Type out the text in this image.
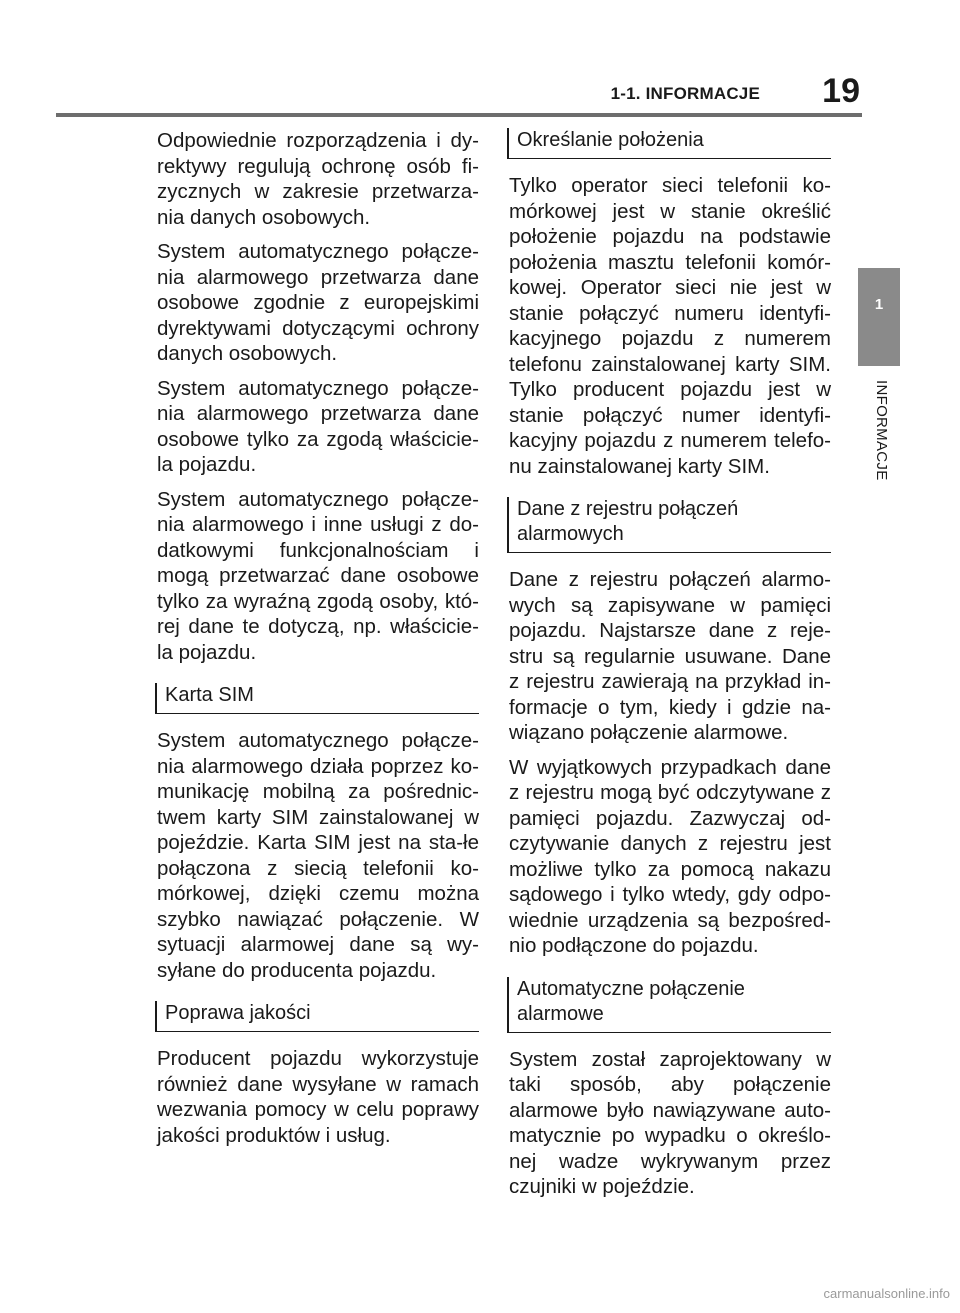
1-1. INFORMACJE	19
1
INFORMACJE

Odpowiednie rozporządzenia i dy-rektywy regulują ochronę osób fi-zycznych w zakresie przetwarza-nia danych osobowych.

System automatycznego połącze-nia alarmowego przetwarza dane osobowe zgodnie z europejskimi dyrektywami dotyczącymi ochrony danych osobowych.

System automatycznego połącze-nia alarmowego przetwarza dane osobowe tylko za zgodą właścicie-la pojazdu.

System automatycznego połącze-nia alarmowego i inne usługi z do-datkowymi funkcjonalnościam i mogą przetwarzać dane osobowe tylko za wyraźną zgodą osoby, któ-rej dane te dotyczą, np. właścicie-la pojazdu.

Karta SIM

System automatycznego połącze-nia alarmowego działa poprzez ko-munikację mobilną za pośrednic-twem karty SIM zainstalowanej w pojeździe. Karta SIM jest na sta-łe połączona z siecią telefonii ko-mórkowej, dzięki czemu można szybko nawiązać połączenie. W sytuacji alarmowej dane są wy-syłane do producenta pojazdu.

Poprawa jakości

Producent pojazdu wykorzystuje również dane wysyłane w ramach wezwania pomocy w celu poprawy jakości produktów i usług.

Określanie położenia

Tylko operator sieci telefonii ko-mórkowej jest w stanie określić położenie pojazdu na podstawie położenia masztu telefonii komór-kowej. Operator sieci nie jest w stanie połączyć numeru identyfi-kacyjnego pojazdu z numerem telefonu zainstalowanej karty SIM. Tylko producent pojazdu jest w stanie połączyć numer identyfi-kacyjny pojazdu z numerem telefo-nu zainstalowanej karty SIM.

Dane z rejestru połączeń alarmowych

Dane z rejestru połączeń alarmo-wych są zapisywane w pamięci pojazdu. Najstarsze dane z reje-stru są regularnie usuwane. Dane z rejestru zawierają na przykład in-formacje o tym, kiedy i gdzie na-wiązano połączenie alarmowe.

W wyjątkowych przypadkach dane z rejestru mogą być odczytywane z pamięci pojazdu. Zazwyczaj od-czytywanie danych z rejestru jest możliwe tylko za pomocą nakazu sądowego i tylko wtedy, gdy odpo-wiednie urządzenia są bezpośred-nio podłączone do pojazdu.

Automatyczne połączenie alarmowe

System został zaprojektowany w taki sposób, aby połączenie alarmowe było nawiązywane auto-matycznie po wypadku o określo-nej wadze wykrywanym przez czujniki w pojeździe.

carmanualsonline.info
